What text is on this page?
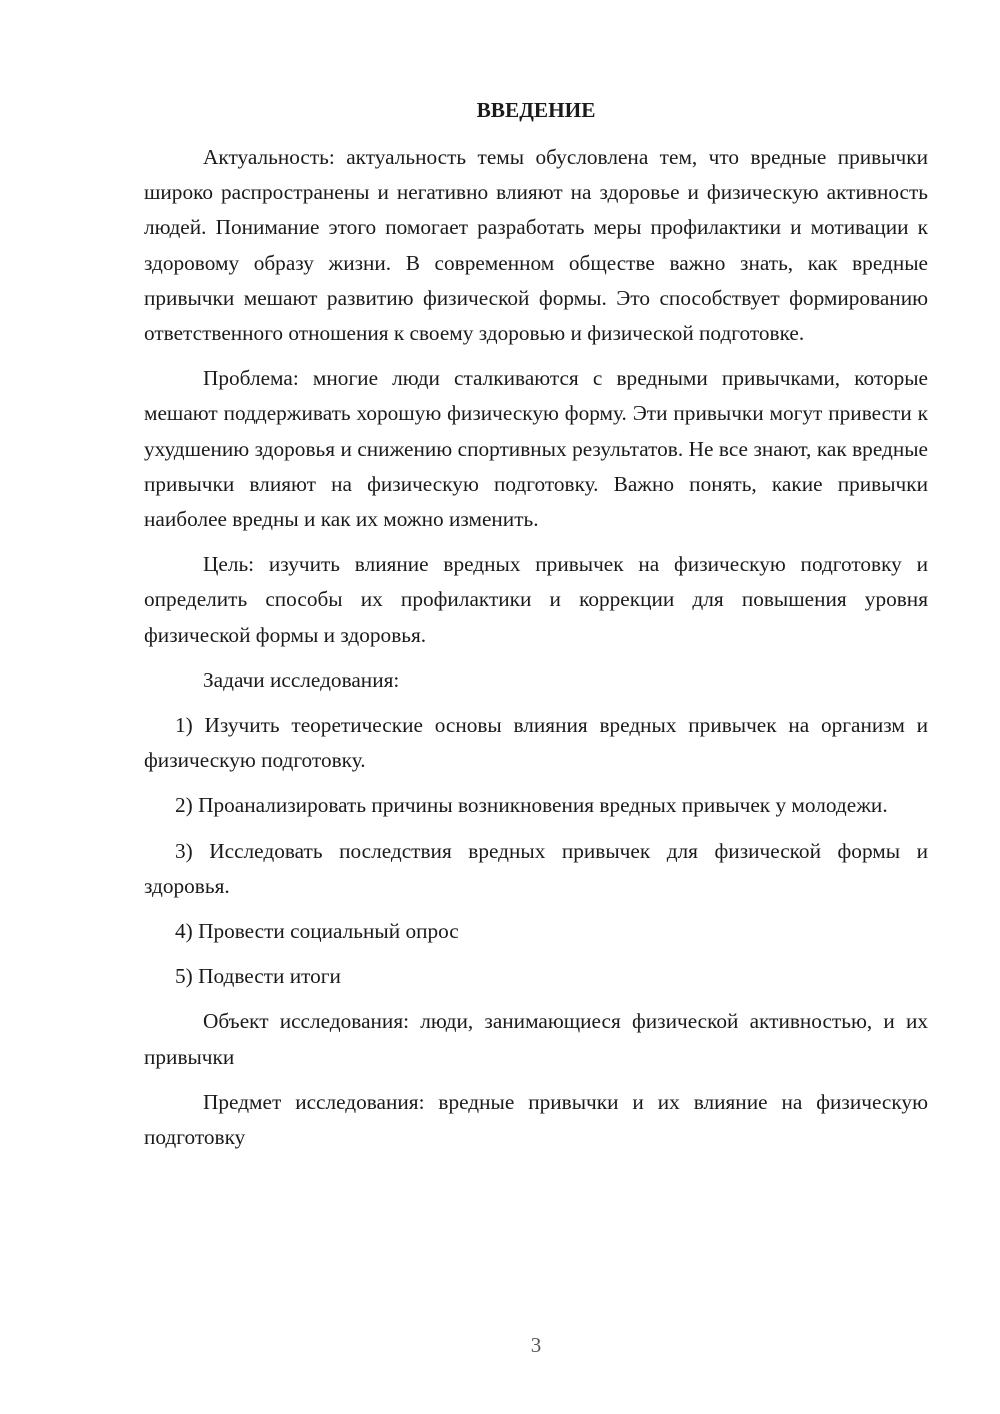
ВВЕДЕНИЕ

Актуальность: актуальность темы обусловлена тем, что вредные привычки широко распространены и негативно влияют на здоровье и физическую активность людей. Понимание этого помогает разработать меры профилактики и мотивации к здоровому образу жизни. В современном обществе важно знать, как вредные привычки мешают развитию физической формы. Это способствует формированию ответственного отношения к своему здоровью и физической подготовке.

Проблема: многие люди сталкиваются с вредными привычками, которые мешают поддерживать хорошую физическую форму. Эти привычки могут привести к ухудшению здоровья и снижению спортивных результатов. Не все знают, как вредные привычки влияют на физическую подготовку. Важно понять, какие привычки наиболее вредны и как их можно изменить.

Цель: изучить влияние вредных привычек на физическую подготовку и определить способы их профилактики и коррекции для повышения уровня физической формы и здоровья.

Задачи исследования:

1) Изучить теоретические основы влияния вредных привычек на организм и физическую подготовку.

2) Проанализировать причины возникновения вредных привычек у молодежи.

3) Исследовать последствия вредных привычек для физической формы и здоровья.

4) Провести социальный опрос

5) Подвести итоги

Объект исследования: люди, занимающиеся физической активностью, и их привычки

Предмет исследования: вредные привычки и их влияние на физическую подготовку

3
